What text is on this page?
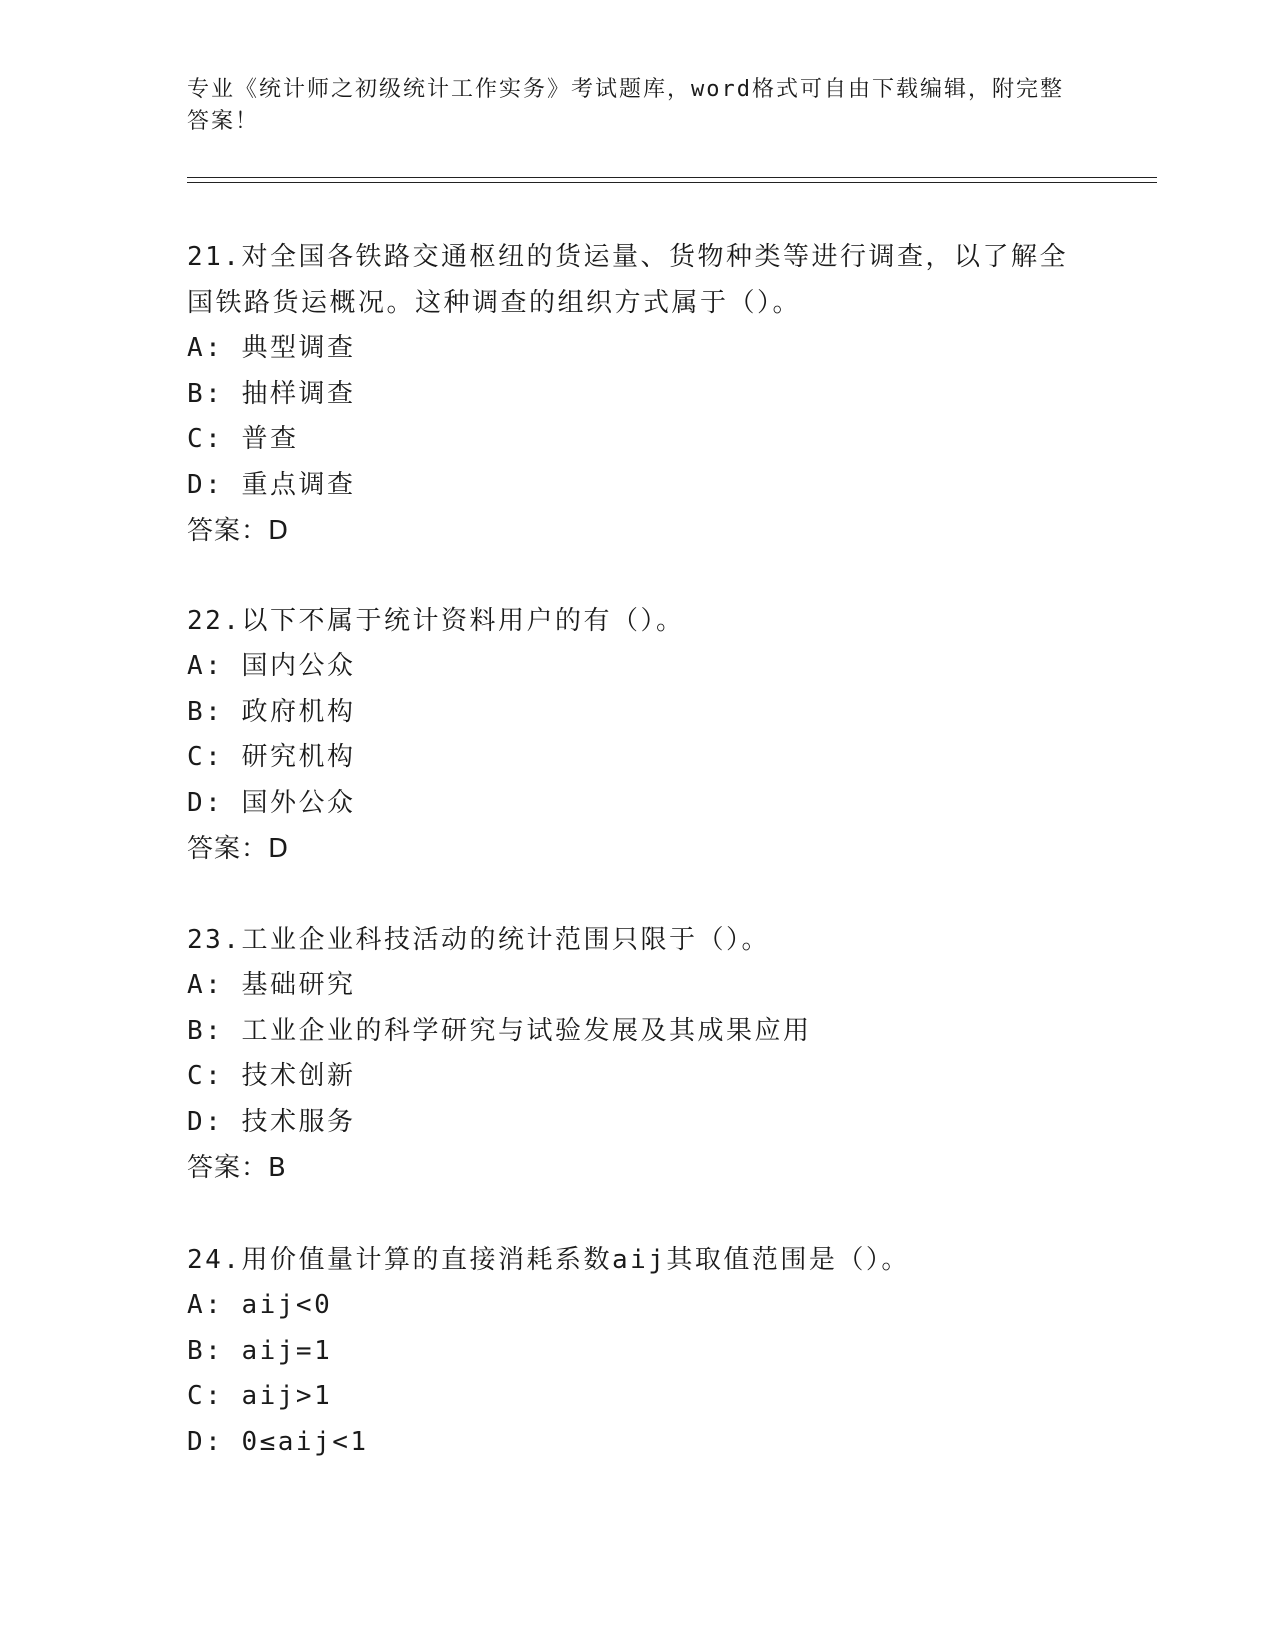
专业《统计师之初级统计工作实务》考试题库，word格式可自由下载编辑，附完整答案！
21.对全国各铁路交通枢纽的货运量、货物种类等进行调查，以了解全国铁路货运概况。这种调查的组织方式属于（）。
A: 典型调查
B: 抽样调查
C: 普查
D: 重点调查
答案：D
22.以下不属于统计资料用户的有（）。
A: 国内公众
B: 政府机构
C: 研究机构
D: 国外公众
答案：D
23.工业企业科技活动的统计范围只限于（）。
A: 基础研究
B: 工业企业的科学研究与试验发展及其成果应用
C: 技术创新
D: 技术服务
答案：B
24.用价值量计算的直接消耗系数aij其取值范围是（）。
A: aij<0
B: aij=1
C: aij>1
D: 0≤aij<1
